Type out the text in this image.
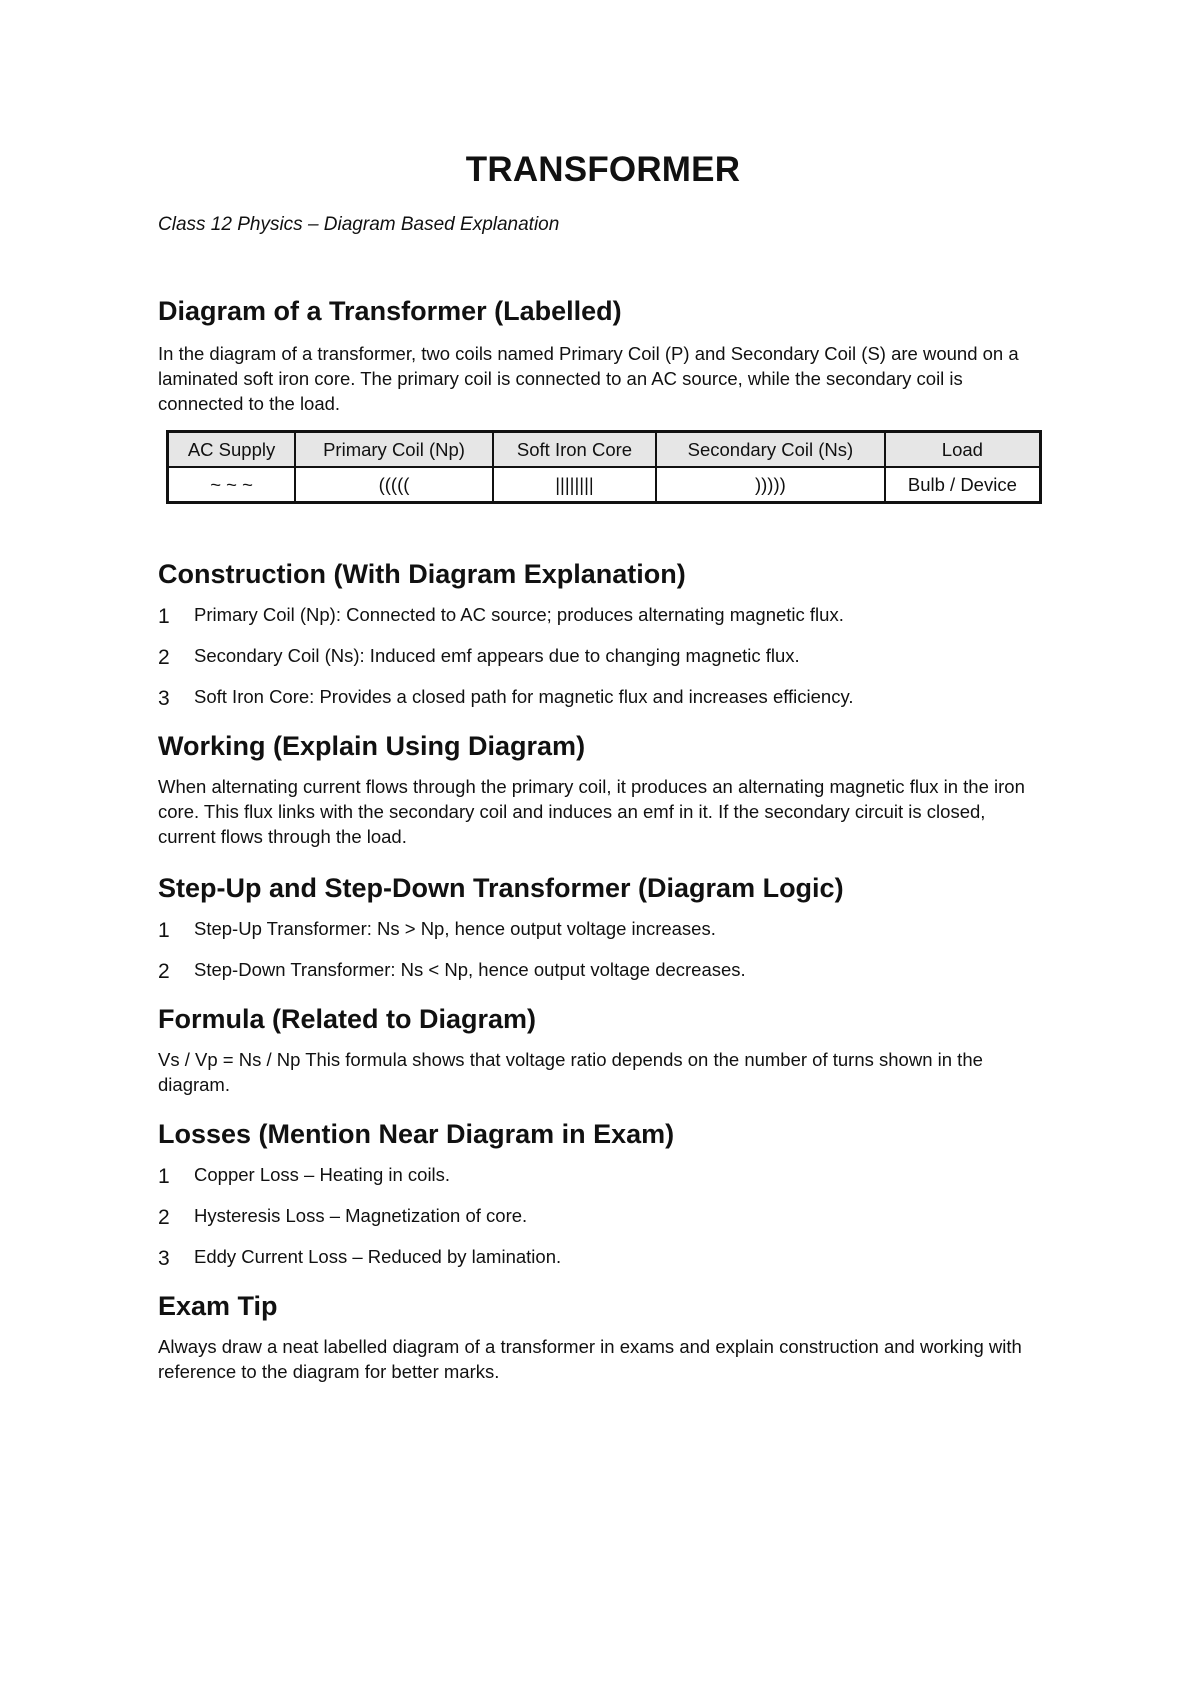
TRANSFORMER
Class 12 Physics – Diagram Based Explanation
Diagram of a Transformer (Labelled)

In the diagram of a transformer, two coils named Primary Coil (P) and Secondary Coil (S) are wound on a laminated soft iron core. The primary coil is connected to an AC source, while the secondary coil is connected to the load.

AC Supply	Primary Coil (Np)	Soft Iron Core	Secondary Coil (Ns)	Load
~ ~ ~	(((((	||||||||	)))))	Bulb / Device
Construction (With Diagram Explanation)
1	Primary Coil (Np): Connected to AC source; produces alternating magnetic flux.
2	Secondary Coil (Ns): Induced emf appears due to changing magnetic flux.
3	Soft Iron Core: Provides a closed path for magnetic flux and increases efficiency.
Working (Explain Using Diagram)

When alternating current flows through the primary coil, it produces an alternating magnetic flux in the iron core. This flux links with the secondary coil and induces an emf in it. If the secondary circuit is closed, current flows through the load.

Step-Up and Step-Down Transformer (Diagram Logic)
1	Step-Up Transformer: Ns > Np, hence output voltage increases.
2	Step-Down Transformer: Ns < Np, hence output voltage decreases.
Formula (Related to Diagram)

Vs / Vp = Ns / Np This formula shows that voltage ratio depends on the number of turns shown in the diagram.

Losses (Mention Near Diagram in Exam)
1	Copper Loss – Heating in coils.
2	Hysteresis Loss – Magnetization of core.
3	Eddy Current Loss – Reduced by lamination.
Exam Tip

Always draw a neat labelled diagram of a transformer in exams and explain construction and working with reference to the diagram for better marks.
